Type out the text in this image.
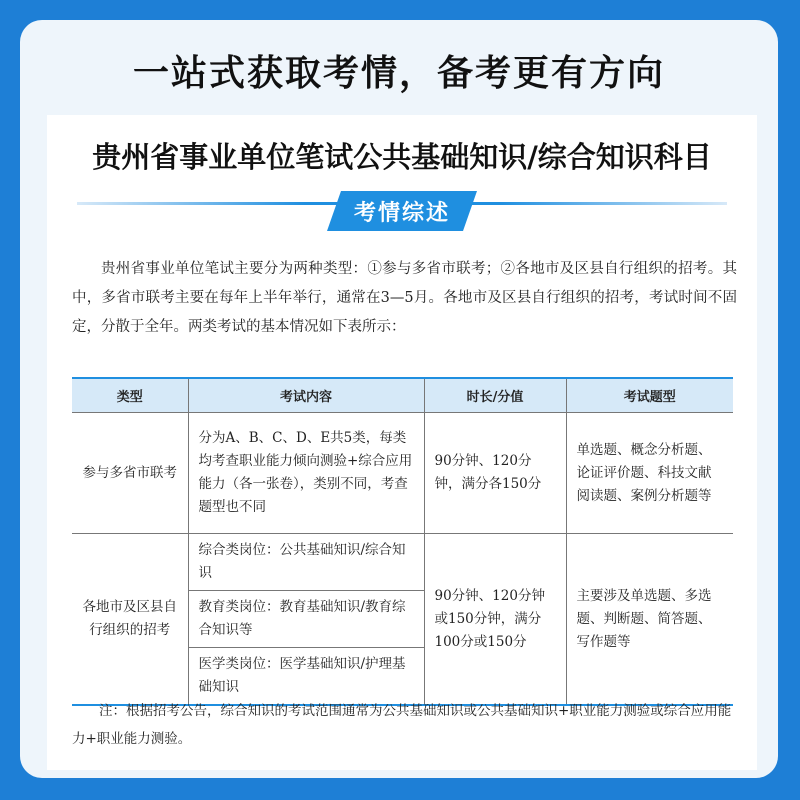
一站式获取考情，备考更有方向
贵州省事业单位笔试公共基础知识/综合知识科目
考情综述
贵州省事业单位笔试主要分为两种类型：①参与多省市联考；②各地市及区县自行组织的招考。其中，多省市联考主要在每年上半年举行，通常在3—5月。各地市及区县自行组织的招考，考试时间不固定，分散于全年。两类考试的基本情况如下表所示：
类型	考试内容	时长/分值	考试题型
参与多省市联考	分为A、B、C、D、E共5类，每类均考查职业能力倾向测验+综合应用能力（各一张卷），类别不同，考查题型也不同	90分钟、120分钟，满分各150分	单选题、概念分析题、论证评价题、科技文献阅读题、案例分析题等
各地市及区县自行组织的招考	综合类岗位：公共基础知识/综合知识	90分钟、120分钟或150分钟，满分100分或150分	主要涉及单选题、多选题、判断题、简答题、写作题等
	教育类岗位：教育基础知识/教育综合知识等		
	医学类岗位：医学基础知识/护理基础知识		
注：根据招考公告，综合知识的考试范围通常为公共基础知识或公共基础知识+职业能力测验或综合应用能力+职业能力测验。
